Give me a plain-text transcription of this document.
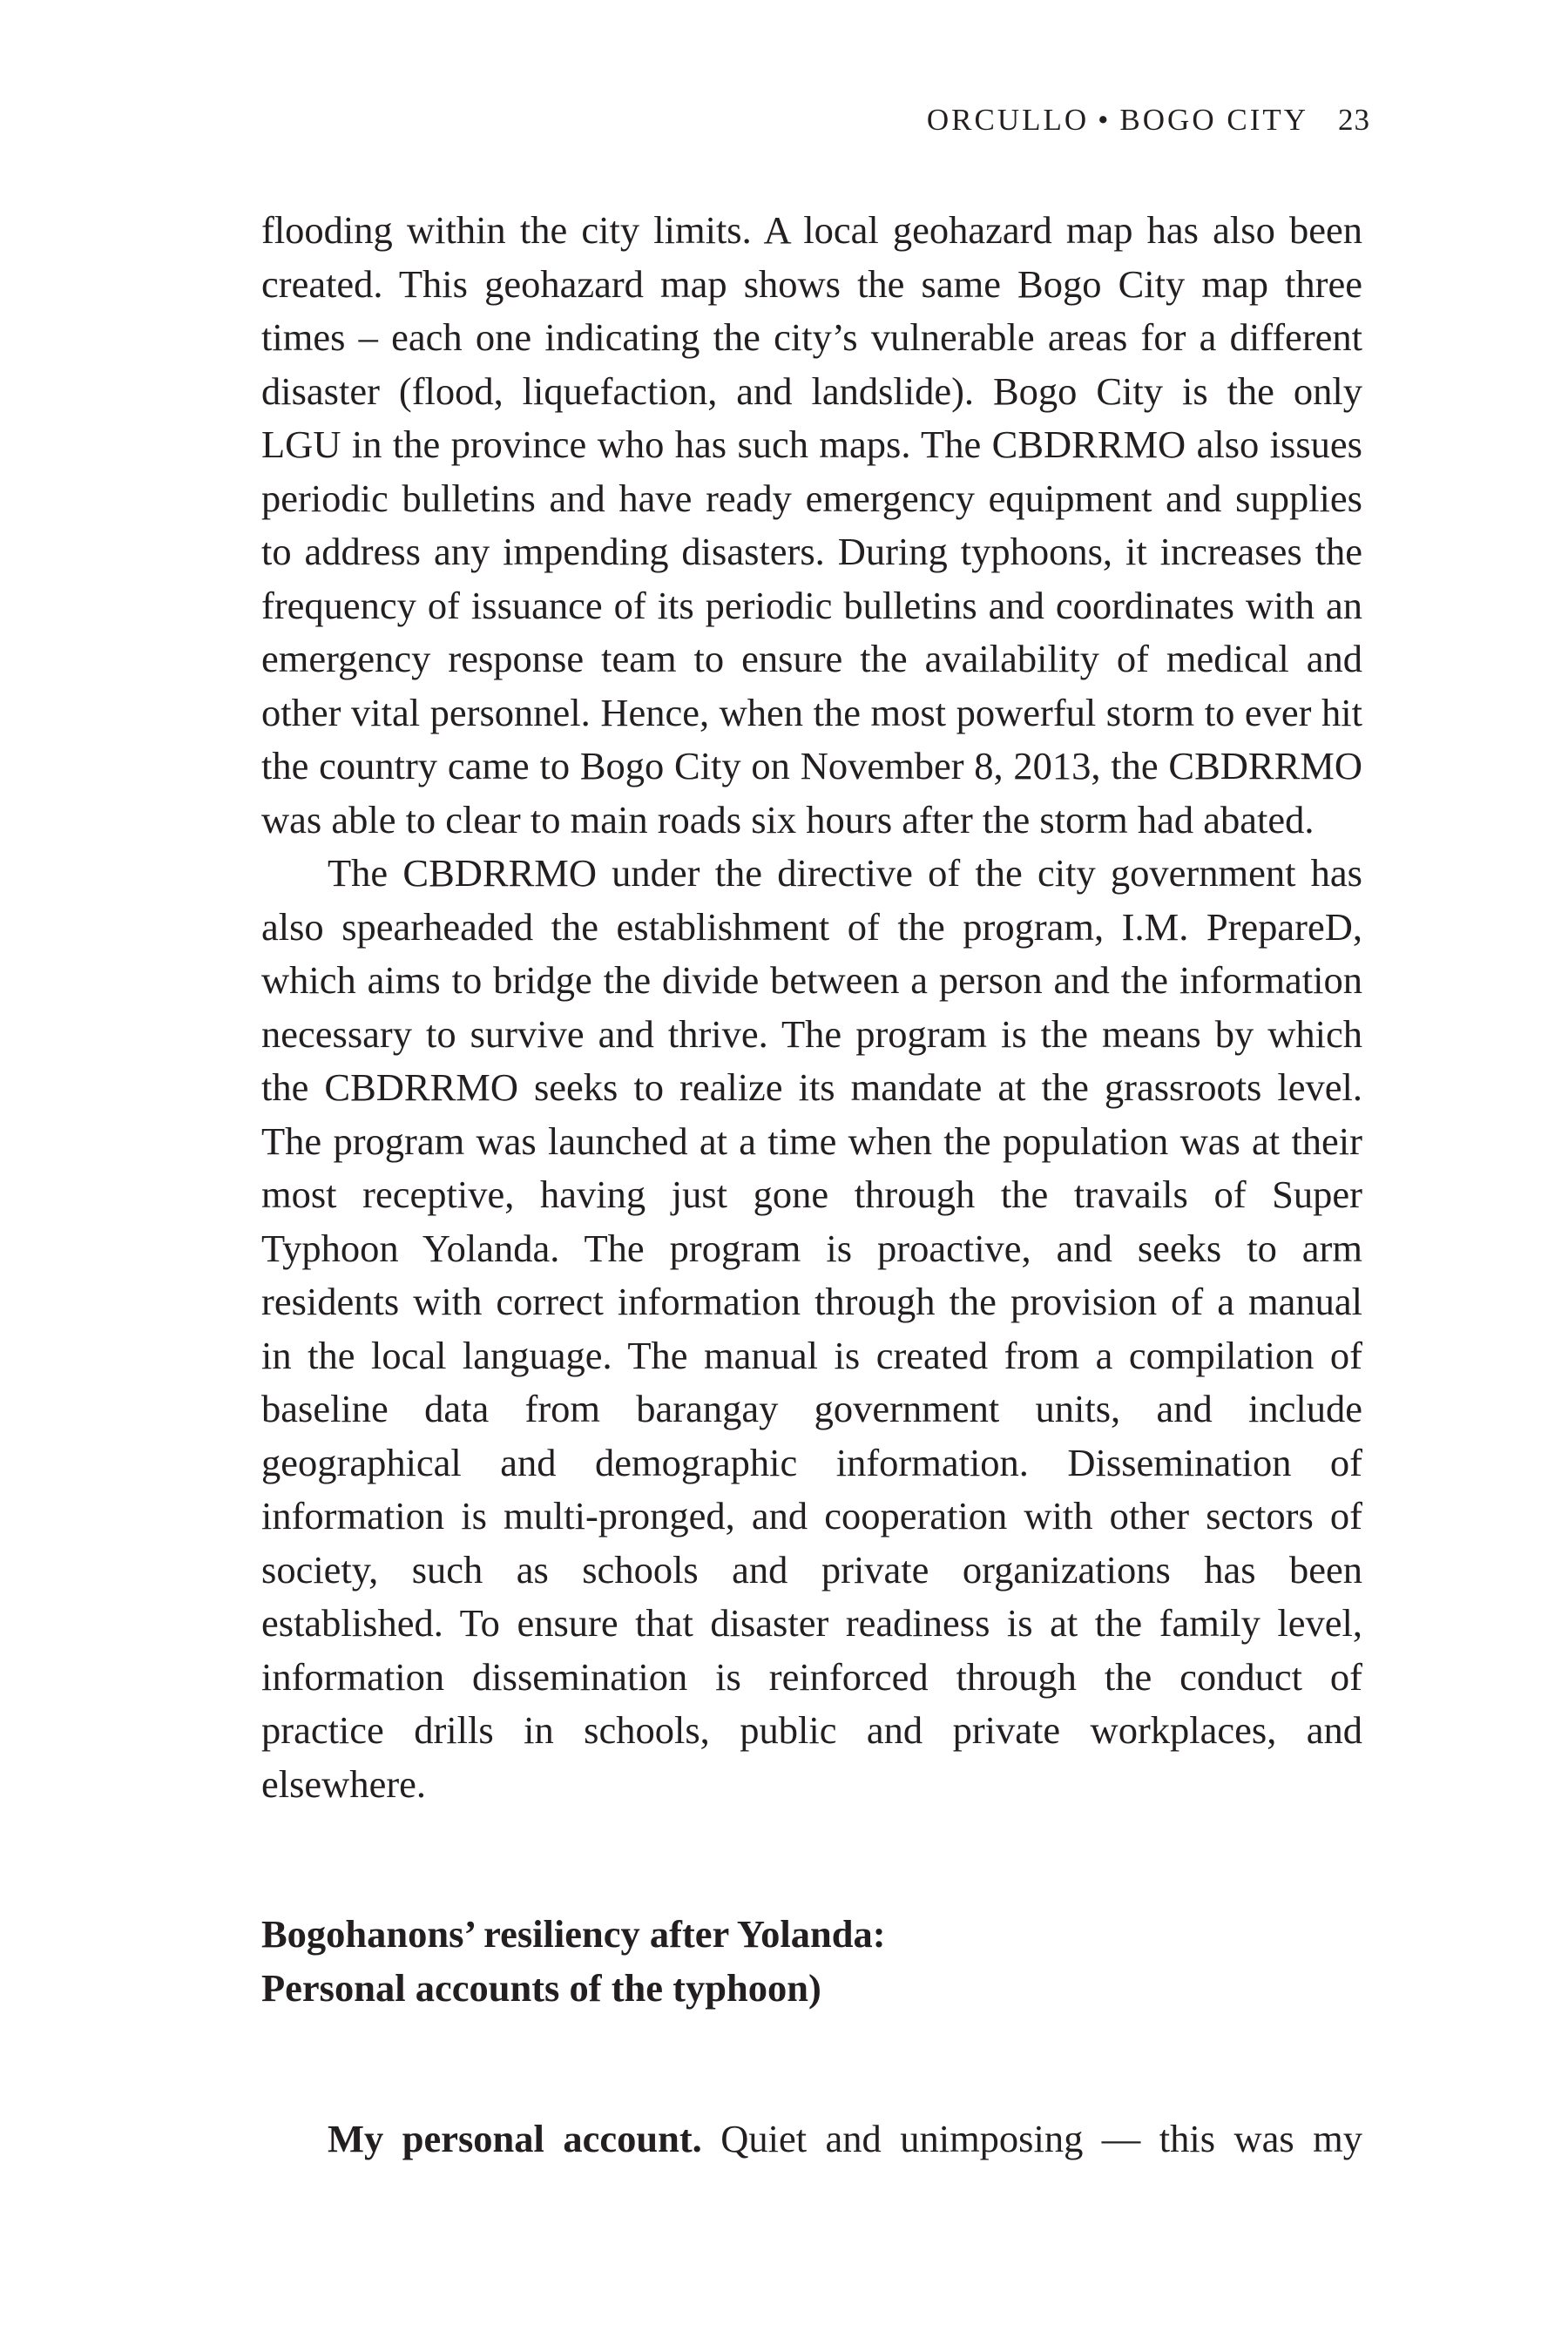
ORCULLO • BOGO CITY 23

flooding within the city limits. A local geohazard map has also been created. This geohazard map shows the same Bogo City map three times – each one indicating the city’s vulnerable areas for a different disaster (flood, liquefaction, and landslide). Bogo City is the only LGU in the province who has such maps. The CBDRRMO also issues periodic bulletins and have ready emergency equipment and supplies to address any impending disasters. During typhoons, it increases the frequency of issuance of its periodic bulletins and coordinates with an emergency response team to ensure the availability of medical and other vital personnel. Hence, when the most powerful storm to ever hit the country came to Bogo City on November 8, 2013, the CBDRRMO was able to clear to main roads six hours after the storm had abated.

The CBDRRMO under the directive of the city government has also spearheaded the establishment of the program, I.M. PrepareD, which aims to bridge the divide between a person and the information necessary to survive and thrive. The program is the means by which the CBDRRMO seeks to realize its mandate at the grassroots level. The program was launched at a time when the population was at their most receptive, having just gone through the travails of Super Typhoon Yolanda. The program is proactive, and seeks to arm residents with correct information through the provision of a manual in the local language. The manual is created from a compilation of baseline data from barangay government units, and include geographical and demographic information. Dissemination of information is multi-pronged, and cooperation with other sectors of society, such as schools and private organizations has been established. To ensure that disaster readiness is at the family level, information dissemination is reinforced through the conduct of practice drills in schools, public and private workplaces, and elsewhere.

Bogohanons’ resiliency after Yolanda:
Personal accounts of the typhoon)

My personal account. Quiet and unimposing — this was my
